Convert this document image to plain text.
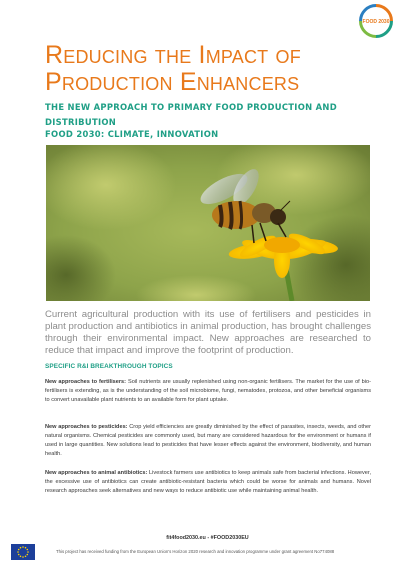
FOOD 2030
Reducing the Impact of
Production Enhancers

THE NEW APPROACH TO PRIMARY FOOD PRODUCTION AND DISTRIBUTION

FOOD 2030: CLIMATE, INNOVATION

Current agricultural production with its use of fertilisers and pesticides in plant production and antibiotics in animal production, has brought challenges through their environmental impact. New approaches are researched to reduce that impact and improve the footprint of production.

SPECIFIC R&I BREAKTHROUGH TOPICS

New approaches to fertilisers: Soil nutrients are usually replenished using non-organic fertilisers. The market for the use of bio-fertilisers is extending, as is the understanding of the soil microbiome, fungi, nematodes, protozoa, and other beneficial organisms to convert unavailable plant nutrients to an available form for plant uptake.

New approaches to pesticides: Crop yield efficiencies are greatly diminished by the effect of parasites, insects, weeds, and other natural organisms. Chemical pesticides are commonly used, but many are considered hazardous for the environment or humans if used in large quantities. New solutions lead to pesticides that have lesser effects against the environment, biodiversity, and human health.

New approaches to animal antibiotics: Livestock farmers use antibiotics to keep animals safe from bacterial infections. However, the excessive use of antibiotics can create antibiotic-resistant bacteria which could be worse for animals and humans. Novel research approaches seek alternatives and new ways to reduce antibiotic use while maintaining animal health.

fit4food2030.eu - #FOOD2030EU
This project has received funding from the European Union's Horizon 2020 research and innovation programme under grant agreement No774088
